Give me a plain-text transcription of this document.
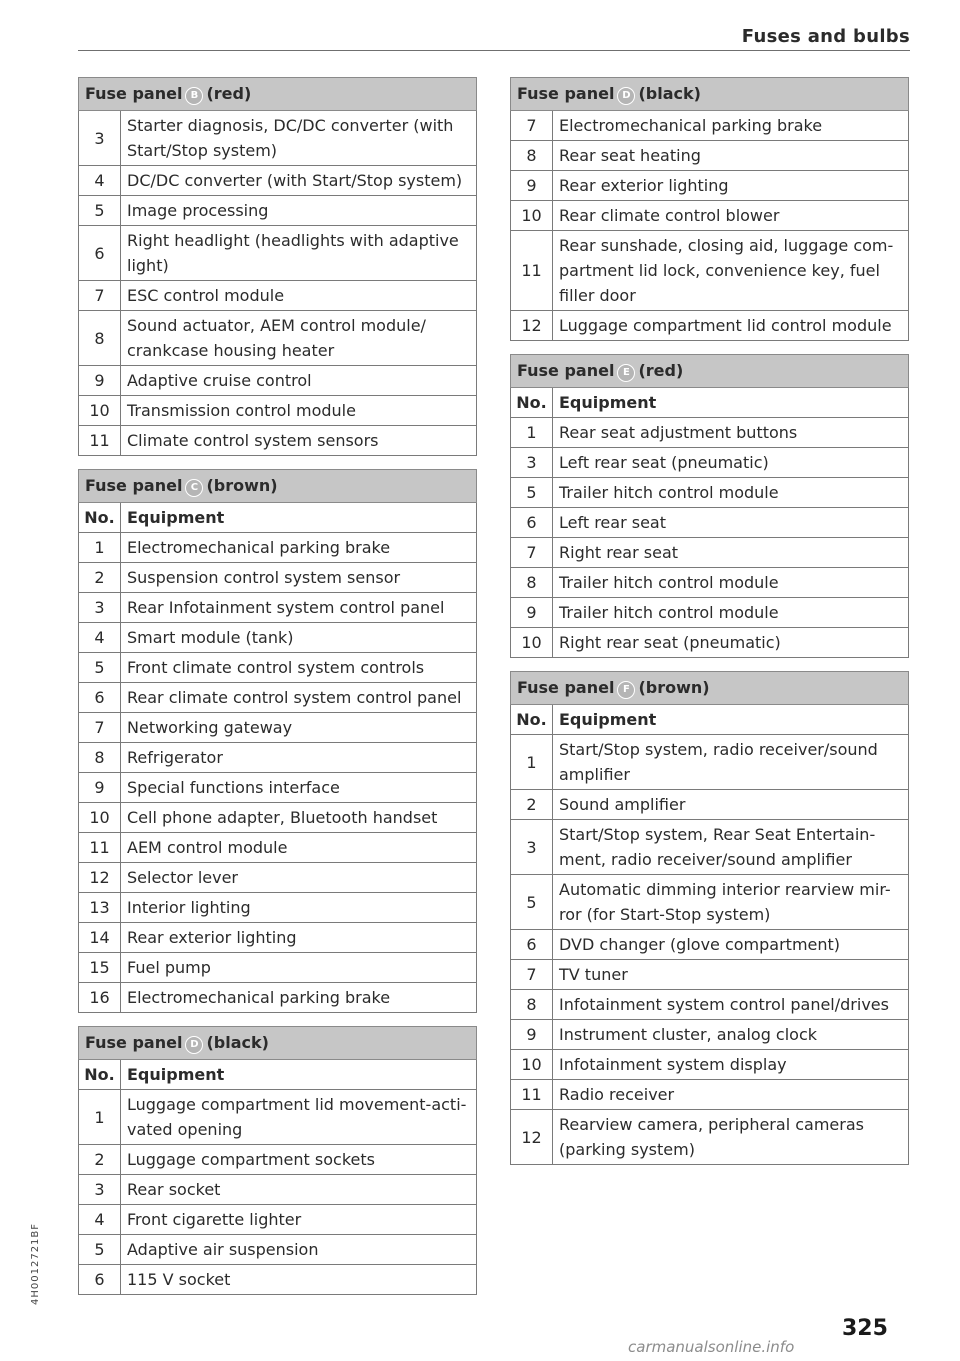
Fuses and bulbs
Fuse panel B (red)	
3	Starter diagnosis, DC/DC converter (with Start/Stop system)
4	DC/DC converter (with Start/Stop system)
5	Image processing
6	Right headlight (headlights with adaptive light)
7	ESC control module
8	Sound actuator, AEM control module/ crankcase housing heater
9	Adaptive cruise control
10	Transmission control module
11	Climate control system sensors
Fuse panel C (brown)	
No.	Equipment
1	Electromechanical parking brake
2	Suspension control system sensor
3	Rear Infotainment system control panel
4	Smart module (tank)
5	Front climate control system controls
6	Rear climate control system control panel
7	Networking gateway
8	Refrigerator
9	Special functions interface
10	Cell phone adapter, Bluetooth handset
11	AEM control module
12	Selector lever
13	Interior lighting
14	Rear exterior lighting
15	Fuel pump
16	Electromechanical parking brake
Fuse panel D (black)	
No.	Equipment
1	Luggage compartment lid movement-acti- vated opening
2	Luggage compartment sockets
3	Rear socket
4	Front cigarette lighter
5	Adaptive air suspension
6	115 V socket
Fuse panel D (black)	
7	Electromechanical parking brake
8	Rear seat heating
9	Rear exterior lighting
10	Rear climate control blower
11	Rear sunshade, closing aid, luggage com- partment lid lock, convenience key, fuel filler door
12	Luggage compartment lid control module
Fuse panel E (red)	
No.	Equipment
1	Rear seat adjustment buttons
3	Left rear seat (pneumatic)
5	Trailer hitch control module
6	Left rear seat
7	Right rear seat
8	Trailer hitch control module
9	Trailer hitch control module
10	Right rear seat (pneumatic)
Fuse panel F (brown)	
No.	Equipment
1	Start/Stop system, radio receiver/sound amplifier
2	Sound amplifier
3	Start/Stop system, Rear Seat Entertain- ment, radio receiver/sound amplifier
5	Automatic dimming interior rearview mir- ror (for Start-Stop system)
6	DVD changer (glove compartment)
7	TV tuner
8	Infotainment system control panel/drives
9	Instrument cluster, analog clock
10	Infotainment system display
11	Radio receiver
12	Rearview camera, peripheral cameras (parking system)
325
4H0012721BF
carmanualsonline.info
